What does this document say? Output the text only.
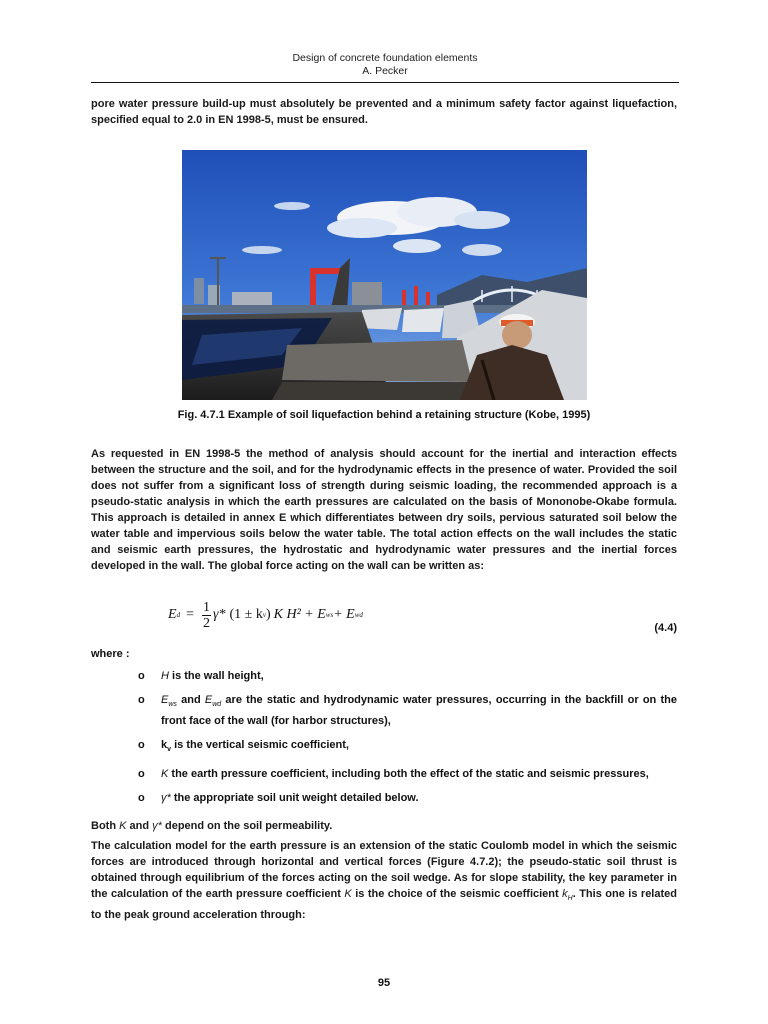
Design of concrete foundation elements
A. Pecker

pore water pressure build-up must absolutely be prevented and a minimum safety factor against liquefaction, specified equal to 2.0 in EN 1998-5, must be ensured.

Fig. 4.7.1 Example of soil liquefaction behind a retaining structure (Kobe, 1995)

As requested in EN 1998-5 the method of analysis should account for the inertial and interaction effects between the structure and the soil, and for the hydrodynamic effects in the presence of water. Provided the soil does not suffer from a significant loss of strength during seismic loading, the recommended approach is a pseudo-static analysis in which the earth pressures are calculated on the basis of Mononobe-Okabe formula. This approach is detailed in annex E which differentiates between dry soils, pervious saturated soil below the water table and impervious soils below the water table. The total action effects on the wall includes the static and seismic earth pressures, the hydrostatic and hydrodynamic water pressures and the inertial forces developed in the wall. The global force acting on the wall can be written as:

E $d = \frac{1}{2} \gamma*$ (1 ± k v ) K H² + E ws + E wd
(4.4)
where :
o H is the wall height,
o $E_{ws}$ and $E_{wd}$ are the static and hydrodynamic water pressures, occurring in the backfill or on the front face of the wall (for harbor structures),
o $k_v$ is the vertical seismic coefficient,
o K the earth pressure coefficient, including both the effect of the static and seismic pressures,
o γ* the appropriate soil unit weight detailed below.

Both K and γ* depend on the soil permeability.

The calculation model for the earth pressure is an extension of the static Coulomb model in which the seismic forces are introduced through horizontal and vertical forces (Figure 4.7.2); the pseudo-static soil thrust is obtained through equilibrium of the forces acting on the soil wedge. As for slope stability, the key parameter in the calculation of the earth pressure coefficient K is the choice of the seismic coefficient $k_H$. This one is related to the peak ground acceleration through:

95
